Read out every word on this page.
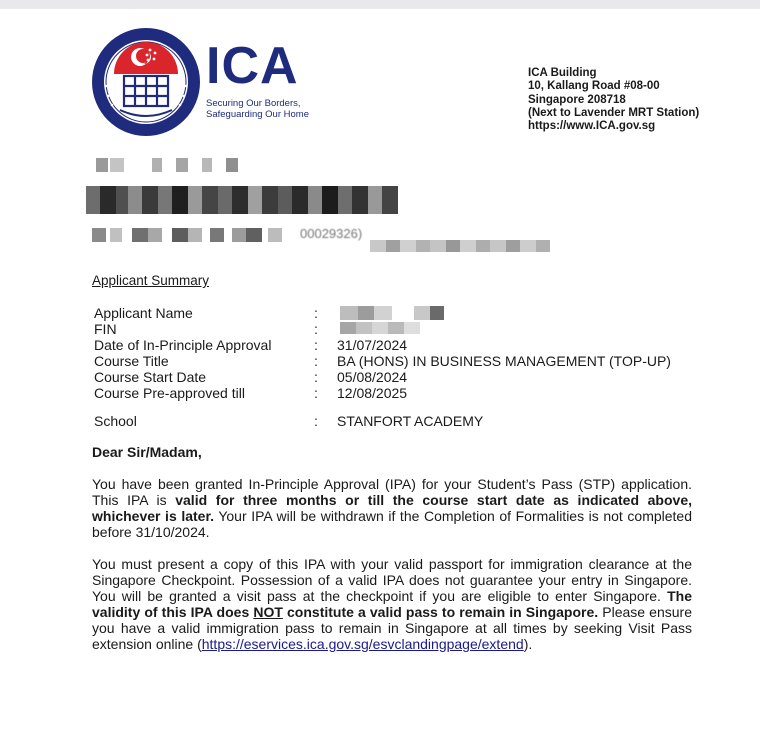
ICA
Securing Our Borders,
Safeguarding Our Home
ICA Building
10, Kallang Road #08-00
Singapore 208718
(Next to Lavender MRT Station)
https://www.ICA.gov.sg
00029326)
Applicant Summary
Applicant Name	:
FIN	:
Date of In-Principle Approval	: 31/07/2024
Course Title	: BA (HONS) IN BUSINESS MANAGEMENT (TOP-UP)
Course Start Date	: 05/08/2024
Course Pre-approved till	: 12/08/2025
School	: STANFORT ACADEMY
Dear Sir/Madam,
You have been granted In-Principle Approval (IPA) for your Student’s Pass (STP) application. This IPA is valid for three months or till the course start date as indicated above, whichever is later. Your IPA will be withdrawn if the Completion of Formalities is not completed before 31/10/2024.
You must present a copy of this IPA with your valid passport for immigration clearance at the Singapore Checkpoint. Possession of a valid IPA does not guarantee your entry in Singapore. You will be granted a visit pass at the checkpoint if you are eligible to enter Singapore. The validity of this IPA does NOT constitute a valid pass to remain in Singapore. Please ensure you have a valid immigration pass to remain in Singapore at all times by seeking Visit Pass extension online (https://eservices.ica.gov.sg/esvclandingpage/extend).
